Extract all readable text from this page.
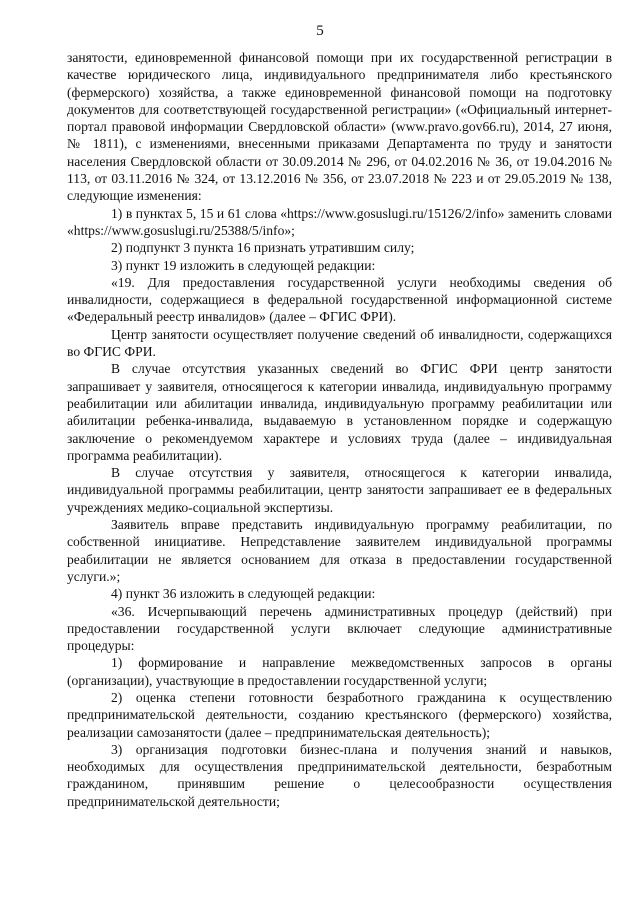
5

занятости, единовременной финансовой помощи при их государственной регистрации в качестве юридического лица, индивидуального предпринимателя либо крестьянского (фермерского) хозяйства, а также единовременной финансовой помощи на подготовку документов для соответствующей государственной регистрации» («Официальный интернет-портал правовой информации Свердловской области» (www.pravo.gov66.ru), 2014, 27 июня, № 1811), с изменениями, внесенными приказами Департамента по труду и занятости населения Свердловской области от 30.09.2014 № 296, от 04.02.2016 № 36, от 19.04.2016 № 113, от 03.11.2016 № 324, от 13.12.2016 № 356, от 23.07.2018 № 223 и от 29.05.2019 № 138, следующие изменения:

1) в пунктах 5, 15 и 61 слова «https://www.gosuslugi.ru/15126/2/info» заменить словами «https://www.gosuslugi.ru/25388/5/info»;

2) подпункт 3 пункта 16 признать утратившим силу;

3) пункт 19 изложить в следующей редакции:

«19. Для предоставления государственной услуги необходимы сведения об инвалидности, содержащиеся в федеральной государственной информационной системе «Федеральный реестр инвалидов» (далее – ФГИС ФРИ).

Центр занятости осуществляет получение сведений об инвалидности, содержащихся во ФГИС ФРИ.

В случае отсутствия указанных сведений во ФГИС ФРИ центр занятости запрашивает у заявителя, относящегося к категории инвалида, индивидуальную программу реабилитации или абилитации инвалида, индивидуальную программу реабилитации или абилитации ребенка-инвалида, выдаваемую в установленном порядке и содержащую заключение о рекомендуемом характере и условиях труда (далее – индивидуальная программа реабилитации).

В случае отсутствия у заявителя, относящегося к категории инвалида, индивидуальной программы реабилитации, центр занятости запрашивает ее в федеральных учреждениях медико-социальной экспертизы.

Заявитель вправе представить индивидуальную программу реабилитации, по собственной инициативе. Непредставление заявителем индивидуальной программы реабилитации не является основанием для отказа в предоставлении государственной услуги.»;

4) пункт 36 изложить в следующей редакции:

«36. Исчерпывающий перечень административных процедур (действий) при предоставлении государственной услуги включает следующие административные процедуры:

1) формирование и направление межведомственных запросов в органы (организации), участвующие в предоставлении государственной услуги;

2) оценка степени готовности безработного гражданина к осуществлению предпринимательской деятельности, созданию крестьянского (фермерского) хозяйства, реализации самозанятости (далее – предпринимательская деятельность);

3) организация подготовки бизнес-плана и получения знаний и навыков, необходимых для осуществления предпринимательской деятельности, безработным гражданином, принявшим решение о целесообразности осуществления предпринимательской деятельности;
